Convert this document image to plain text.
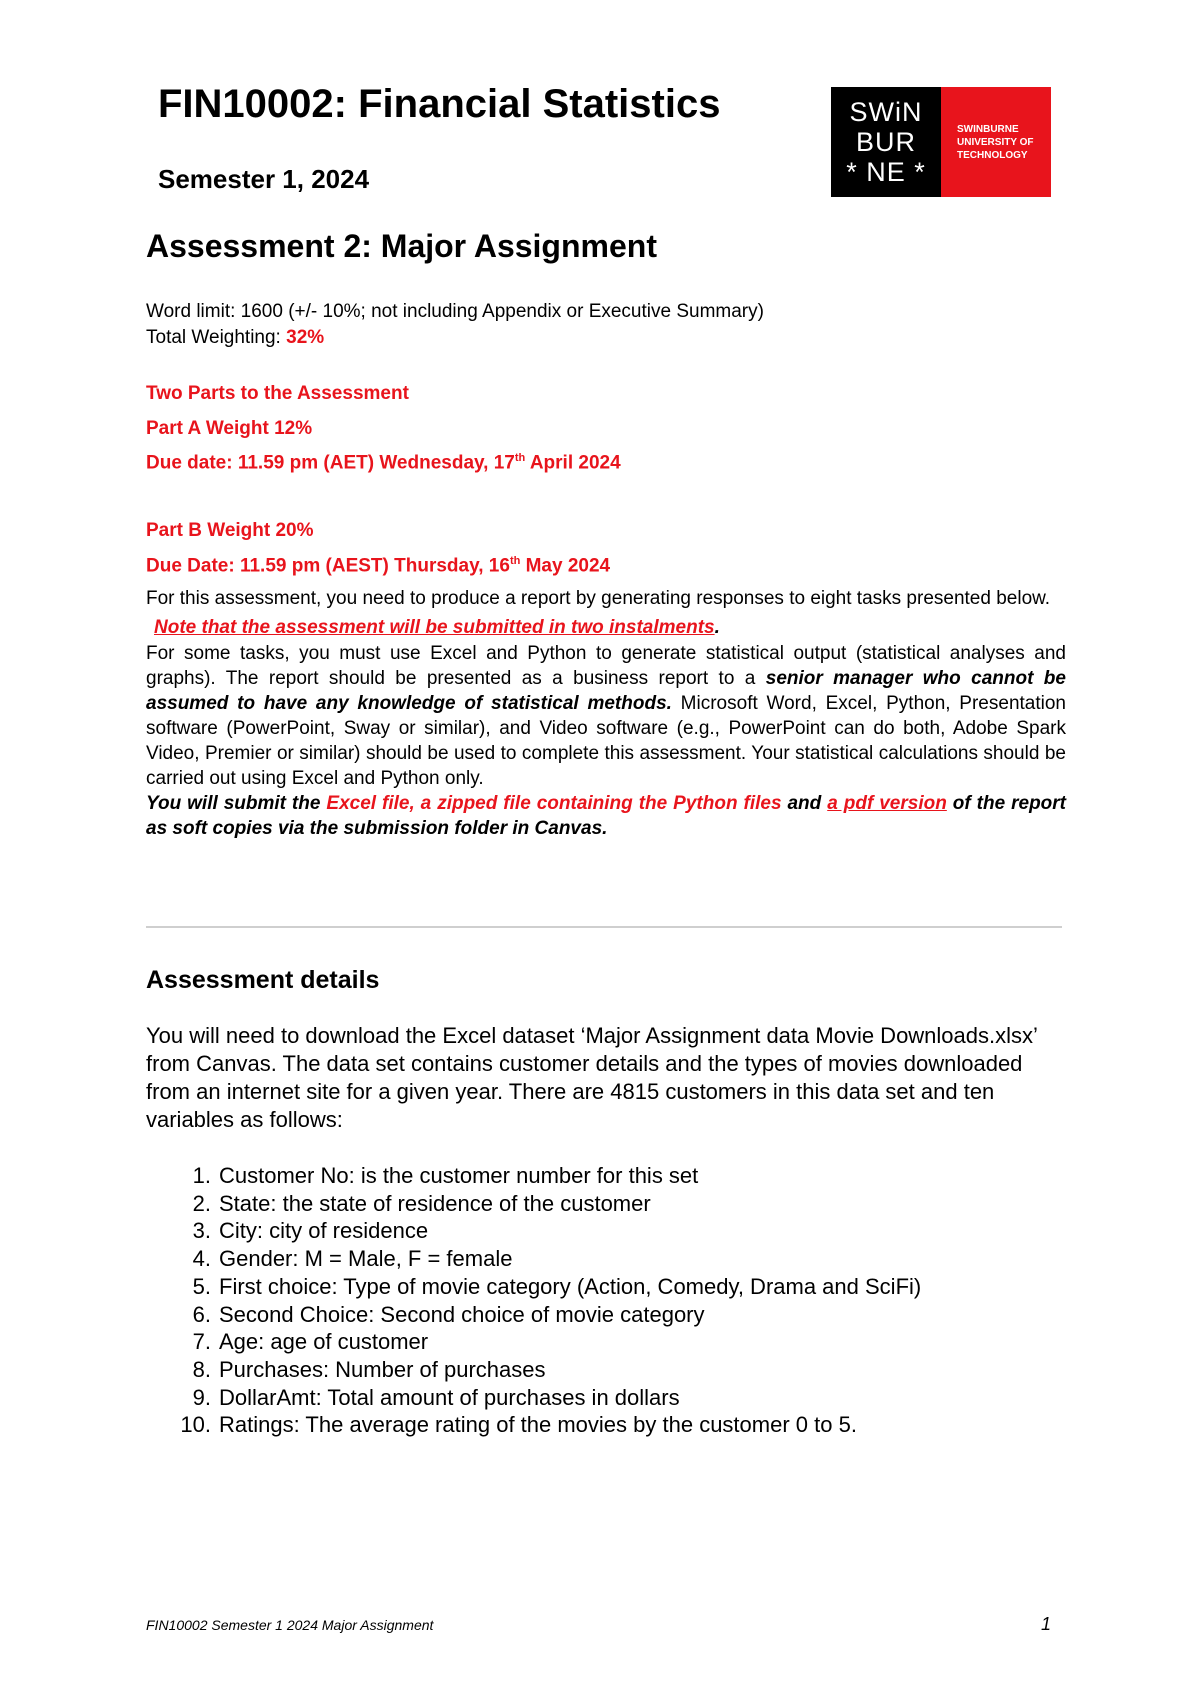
FIN10002: Financial Statistics
Semester 1, 2024
SWiN
BUR
* NE *
SWINBURNE
UNIVERSITY OF
TECHNOLOGY
Assessment 2: Major Assignment
Word limit: 1600 (+/- 10%; not including Appendix or Executive Summary)
Total Weighting: 32%
Two Parts to the Assessment
Part A Weight 12%
Due date: 11.59 pm (AET) Wednesday, 17th April 2024
Part B Weight 20%
Due Date: 11.59 pm (AEST) Thursday, 16th May 2024

For this assessment, you need to produce a report by generating responses to eight tasks presented below.

Note that the assessment will be submitted in two instalments.

For some tasks, you must use Excel and Python to generate statistical output (statistical analyses and graphs). The report should be presented as a business report to a senior manager who cannot be assumed to have any knowledge of statistical methods. Microsoft Word, Excel, Python, Presentation software (PowerPoint, Sway or similar), and Video software (e.g., PowerPoint can do both, Adobe Spark Video, Premier or similar) should be used to complete this assessment. Your statistical calculations should be carried out using Excel and Python only.

You will submit the Excel file, a zipped file containing the Python files and a pdf version of the report as soft copies via the submission folder in Canvas.

Assessment details
You will need to download the Excel dataset ‘Major Assignment data Movie Downloads.xlsx’ from Canvas. The data set contains customer details and the types of movies downloaded from an internet site for a given year. There are 4815 customers in this data set and ten variables as follows:
1. Customer No: is the customer number for this set
2. State: the state of residence of the customer
3. City: city of residence
4. Gender: M = Male, F = female
5. First choice: Type of movie category (Action, Comedy, Drama and SciFi)
6. Second Choice: Second choice of movie category
7. Age: age of customer
8. Purchases: Number of purchases
9. DollarAmt: Total amount of purchases in dollars
10. Ratings: The average rating of the movies by the customer 0 to 5.
FIN10002 Semester 1 2024 Major Assignment	1
